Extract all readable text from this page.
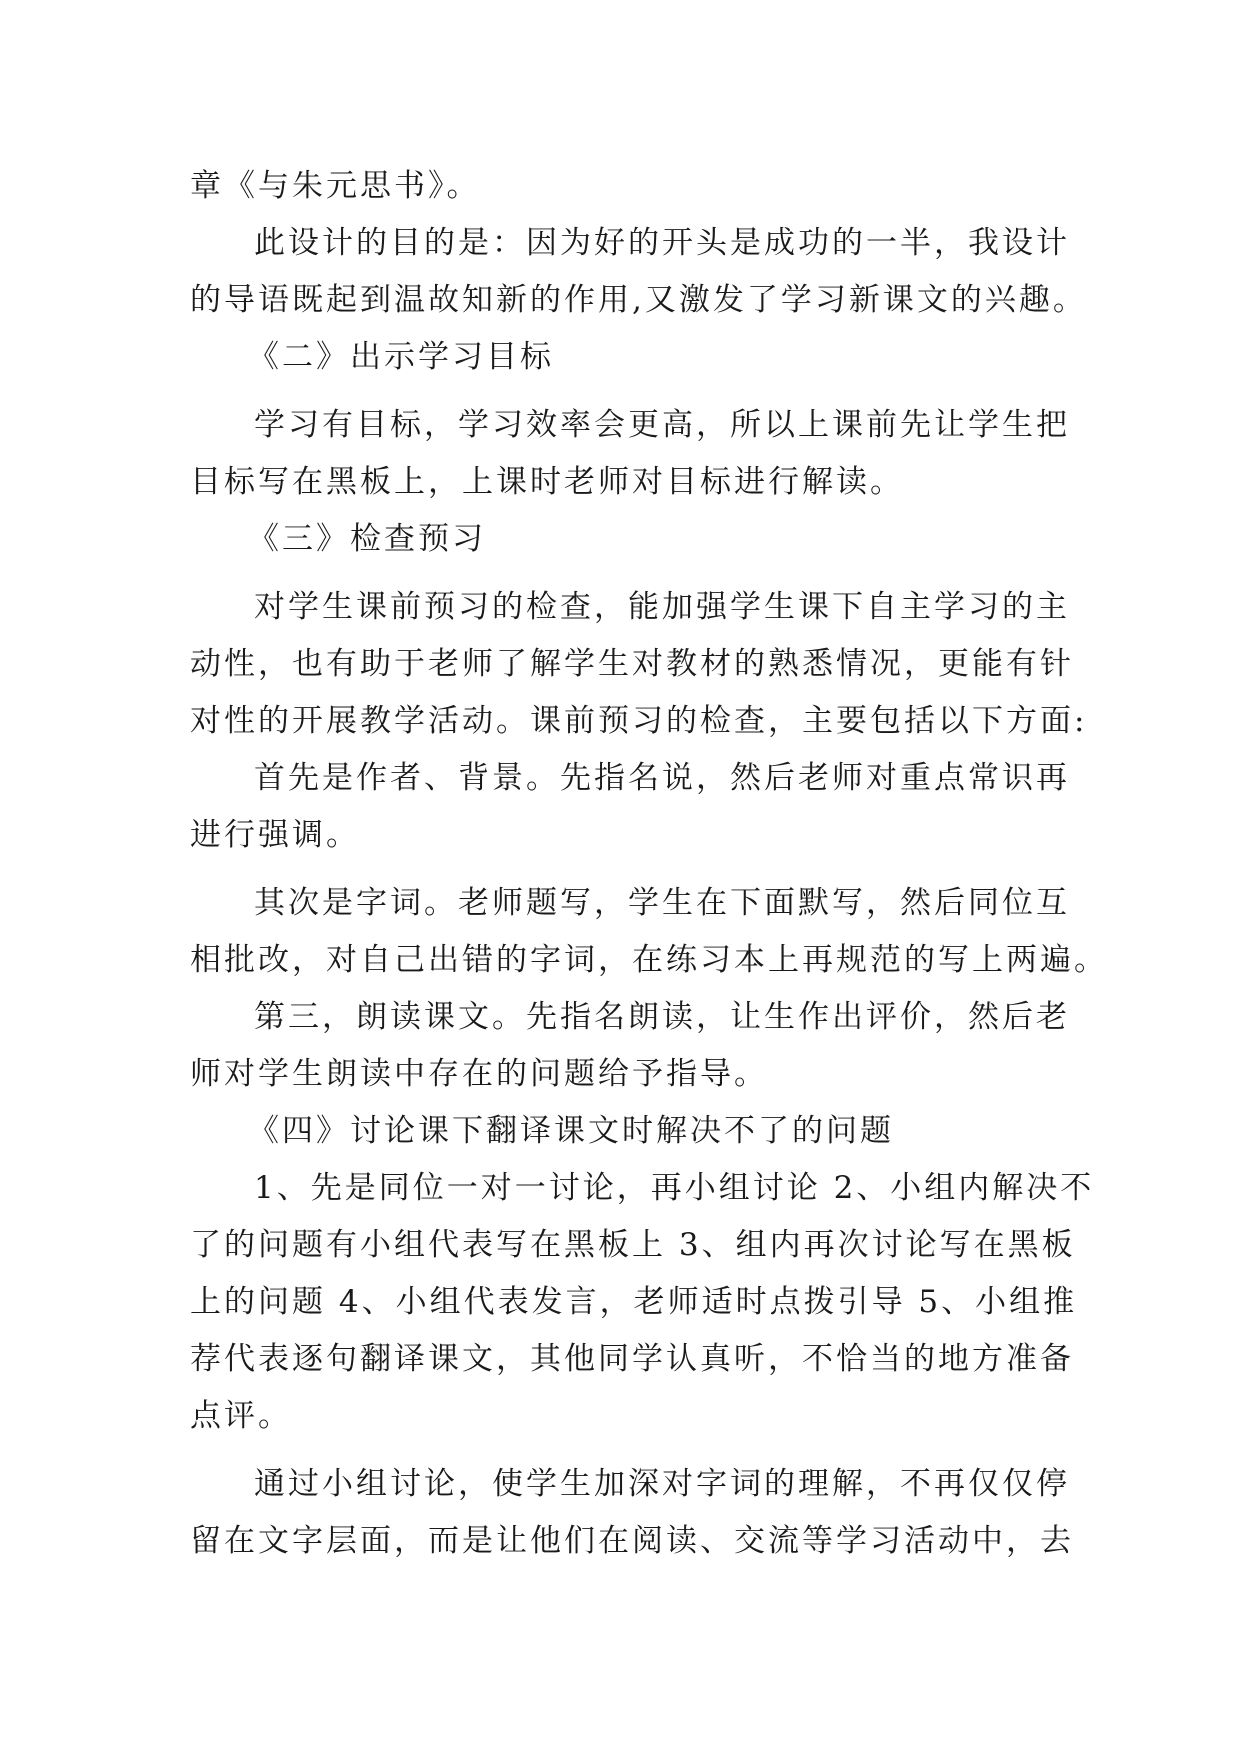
章《与朱元思书》。
此设计的目的是：因为好的开头是成功的一半，我设计
的导语既起到温故知新的作用,又激发了学习新课文的兴趣。
《二》出示学习目标
学习有目标，学习效率会更高，所以上课前先让学生把
目标写在黑板上，上课时老师对目标进行解读。
《三》检查预习
对学生课前预习的检查，能加强学生课下自主学习的主
动性，也有助于老师了解学生对教材的熟悉情况，更能有针
对性的开展教学活动。课前预习的检查，主要包括以下方面:
首先是作者、背景。先指名说，然后老师对重点常识再
进行强调。
其次是字词。老师题写，学生在下面默写，然后同位互
相批改，对自己出错的字词，在练习本上再规范的写上两遍。
第三，朗读课文。先指名朗读，让生作出评价，然后老
师对学生朗读中存在的问题给予指导。
《四》讨论课下翻译课文时解决不了的问题
1、先是同位一对一讨论，再小组讨论 2、小组内解决不
了的问题有小组代表写在黑板上 3、组内再次讨论写在黑板
上的问题 4、小组代表发言，老师适时点拨引导 5、小组推
荐代表逐句翻译课文，其他同学认真听，不恰当的地方准备
点评。
通过小组讨论，使学生加深对字词的理解，不再仅仅停
留在文字层面，而是让他们在阅读、交流等学习活动中，去
